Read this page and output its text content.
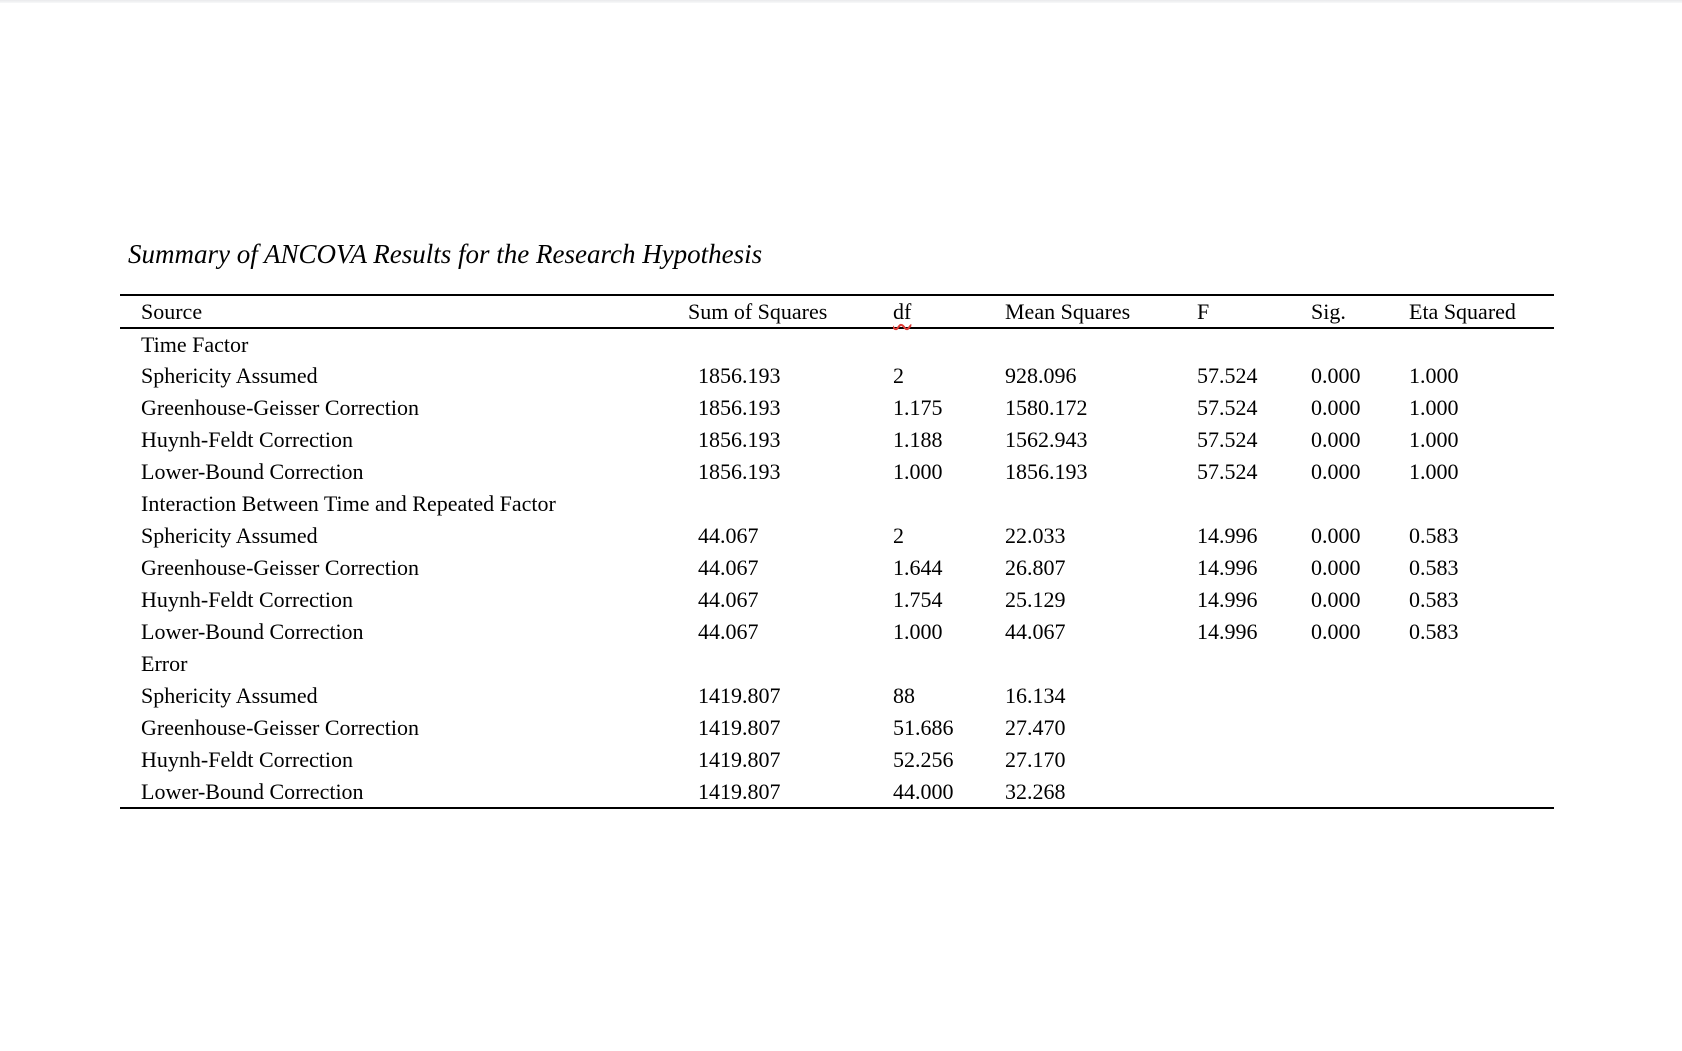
Summary of ANCOVA Results for the Research Hypothesis
Source	Sum of Squares	df	Mean Squares	F	Sig.	Eta Squared
Time Factor						
Sphericity Assumed	1856.193	2	928.096	57.524	0.000	1.000
Greenhouse-Geisser Correction	1856.193	1.175	1580.172	57.524	0.000	1.000
Huynh-Feldt Correction	1856.193	1.188	1562.943	57.524	0.000	1.000
Lower-Bound Correction	1856.193	1.000	1856.193	57.524	0.000	1.000
Interaction Between Time and Repeated Factor						
Sphericity Assumed	44.067	2	22.033	14.996	0.000	0.583
Greenhouse-Geisser Correction	44.067	1.644	26.807	14.996	0.000	0.583
Huynh-Feldt Correction	44.067	1.754	25.129	14.996	0.000	0.583
Lower-Bound Correction	44.067	1.000	44.067	14.996	0.000	0.583
Error						
Sphericity Assumed	1419.807	88	16.134			
Greenhouse-Geisser Correction	1419.807	51.686	27.470			
Huynh-Feldt Correction	1419.807	52.256	27.170			
Lower-Bound Correction	1419.807	44.000	32.268			
